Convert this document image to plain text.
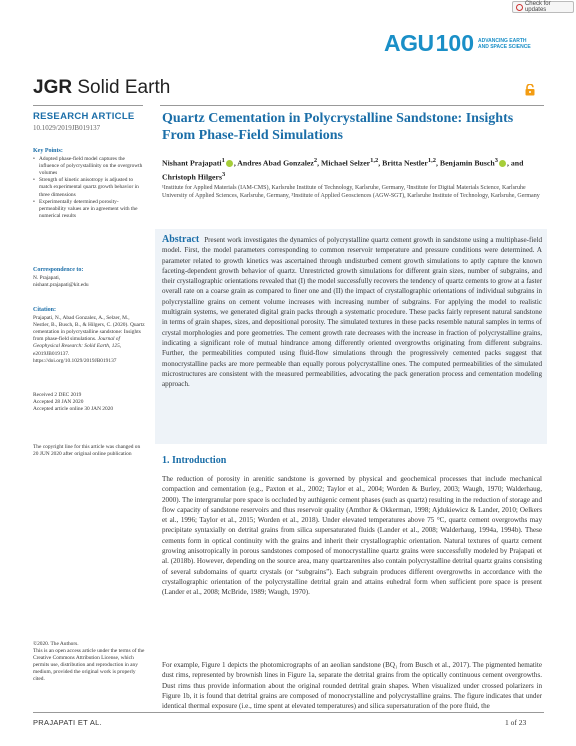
Check for updates
AGU 100 ADVANCING EARTH AND SPACE SCIENCE
JGR Solid Earth
RESEARCH ARTICLE
10.1029/2019JB019137
Key Points:
• Adopted phase-field model captures the influence of polycrystallinity on the overgrowth volumes
• Strength of kinetic anisotropy is adjusted to match experimental quartz growth behavior in three dimensions
• Experimentally determined porosity-permeability values are in agreement with the numerical results
Correspondence to:
N. Prajapati,
nishant.prajapati@kit.edu
Citation:
Prajapati, N., Abad Gonzalez, A., Selzer, M., Nestler, B., Busch, B., & Hilgers, C. (2020). Quartz cementation in polycrystalline sandstone: Insights from phase-field simulations. Journal of Geophysical Research: Solid Earth, 125, e2019JB019137. https://doi.org/10.1029/2019JB019137
Received 2 DEC 2019
Accepted 28 JAN 2020
Accepted article online 30 JAN 2020
The copyright line for this article was changed on 20 JUN 2020 after original online publication
©2020. The Authors.
This is an open access article under the terms of the Creative Commons Attribution License, which permits use, distribution and reproduction in any medium, provided the original work is properly cited.
Quartz Cementation in Polycrystalline Sandstone: Insights From Phase-Field Simulations
Nishant Prajapati$^1$ , Andres Abad Gonzalez$^2$, Michael Selzer$^{1,2}$, Britta Nestler$^{1,2}$, Benjamin Busch$^3$ , and Christoph Hilgers$^3$
¹Institute for Applied Materials (IAM-CMS), Karlsruhe Institute of Technology, Karlsruhe, Germany, ²Institute for Digital Materials Science, Karlsruhe University of Applied Sciences, Karlsruhe, Germany, ³Institute of Applied Geosciences (AGW-SGT), Karlsruhe Institute of Technology, Karlsruhe, Germany
Abstract Present work investigates the dynamics of polycrystalline quartz cement growth in sandstone using a multiphase-field model. First, the model parameters corresponding to common reservoir temperature and pressure conditions were determined. A parameter related to growth kinetics was ascertained through undisturbed cement growth simulations to aptly capture the known faceting-dependent growth behavior of quartz. Unrestricted growth simulations for different grain sizes, number of subgrains, and their crystallographic orientations revealed that (I) the model successfully recovers the tendency of quartz cements to grow at a faster overall rate on a coarse grain as compared to finer one and (II) the impact of crystallographic orientations of individual subgrains in polycrystalline grains on cement volume increases with increasing number of subgrains. For applying the model to realistic multigrain systems, we generated digital grain packs through a systematic procedure. These packs fairly represent natural sandstone in terms of grain shapes, sizes, and depositional porosity. The simulated textures in these packs resemble natural samples in terms of crystal morphologies and pore geometries. The cement growth rate decreases with the increase in fraction of polycrystalline grains, indicating a significant role of mutual hindrance among differently oriented overgrowths originating from different subgrains. Further, the permeabilities computed using fluid-flow simulations through the progressively cemented packs suggest that monocrystalline packs are more permeable than equally porous polycrystalline ones. The computed permeabilities of the simulated microstructures are consistent with the measured permeabilities, advocating the pack generation process and cementation modeling approach.
1. Introduction
The reduction of porosity in arenitic sandstone is governed by physical and geochemical processes that include mechanical compaction and cementation (e.g., Paxton et al., 2002; Taylor et al., 2004; Worden & Burley, 2003; Waugh, 1970; Walderhaug, 2000). The intergranular pore space is occluded by authigenic cement phases (such as quartz) resulting in the reduction of storage and flow capacity of sandstone reservoirs and thus reservoir quality (Amthor & Okkerman, 1998; Ajdukiewicz & Lander, 2010; Oelkers et al., 1996; Taylor et al., 2015; Worden et al., 2018). Under elevated temperatures above 75 °C, quartz cement overgrowths may precipitate syntaxially on detrital grains from silica supersaturated fluids (Lander et al., 2008; Walderhaug, 1994a, 1994b). These cements form in optical continuity with the grains and inherit their crystallographic orientation. Natural textures of quartz cement growing anisotropically in porous sandstones composed of monocrystalline quartz grains were successfully modeled by Prajapati et al. (2018b). However, depending on the source area, many quartzarenites also contain polycrystalline detrital quartz grains consisting of several subdomains of quartz crystals (or “subgrains”). Each subgrain produces different overgrowths in accordance with the crystallographic orientation of the polycrystalline detrital grain and attains euhedral form when sufficient pore space is present (Lander et al., 2008; McBride, 1989; Waugh, 1970).
For example, Figure 1 depicts the photomicrographs of an aeolian sandstone (BQ₁ from Busch et al., 2017). The pigmented hematite dust rims, represented by brownish lines in Figure 1a, separate the detrital grains from the optically continuous cement overgrowths. Dust rims thus provide information about the original rounded detrital grain shapes. When visualized under crossed polarizers in Figure 1b, it is found that detrital grains are composed of monocrystalline and polycrystalline grains. The figure indicates that under identical thermal exposure (i.e., time spent at elevated temperatures) and silica supersaturation of the pore fluid, the
PRAJAPATI ET AL.	1 of 23
